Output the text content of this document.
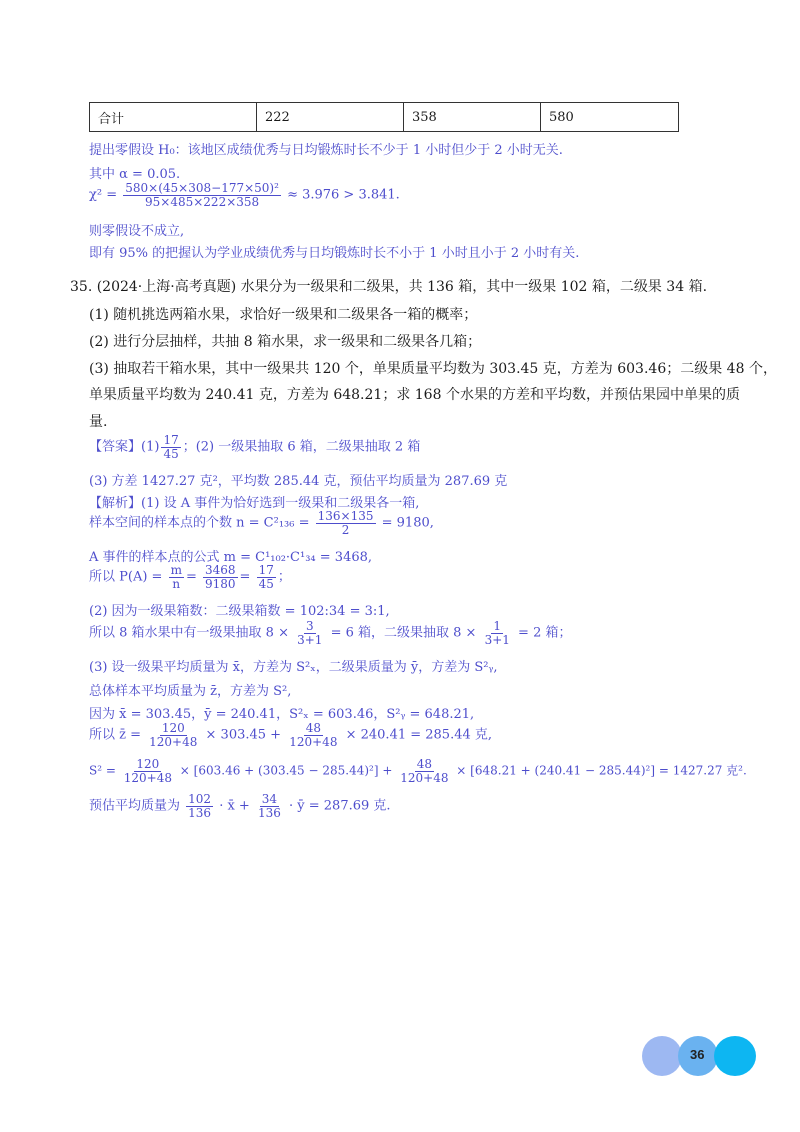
合计	222	358	580
提出零假设 H₀：该地区成绩优秀与日均锻炼时长不少于 1 小时但少于 2 小时无关.
其中 α = 0.05.
$\chi^2 = \frac{\text{580×(45×308−177×50)²}}{95\times 485\times 222\times 358} \approx 3.976 > 3.841$.
则零假设不成立,
即有 95% 的把握认为学业成绩优秀与日均锻炼时长不小于 1 小时且小于 2 小时有关.
35. (2024·上海·高考真题) 水果分为一级果和二级果，共 136 箱，其中一级果 102 箱，二级果 34 箱.
(1) 随机挑选两箱水果，求恰好一级果和二级果各一箱的概率；
(2) 进行分层抽样，共抽 8 箱水果，求一级果和二级果各几箱；
(3) 抽取若干箱水果，其中一级果共 120 个，单果质量平均数为 303.45 克，方差为 603.46；二级果 48 个，
单果质量平均数为 240.41 克，方差为 648.21；求 168 个水果的方差和平均数，并预估果园中单果的质
量.
【答案】$(1) \frac{17}{45}$ ；(2) 一级果抽取 6 箱，二级果抽取 2 箱
(3) 方差 1427.27 克²，平均数 285.44 克，预估平均质量为 287.69 克
【解析】(1) 设 A 事件为恰好选到一级果和二级果各一箱,
样本空间的样本点的个数 $n = C^2_{136} = \frac{136\times 135}{2} = 9180$,
A 事件的样本点的公式 m = C¹₁₀₂·C¹₃₄ = 3468,
所以 $P(A) = \frac{m}{n} = \frac{3468}{9180} = \frac{17}{45}$ ；
(2) 因为一级果箱数：二级果箱数 = 102:34 = 3:1,
所以 8 箱水果中有一级果抽取 $8 \times \frac{3}{3+1} = 6$ 箱，二级果抽取 $8 \times \frac{1}{3+1} = 2$ 箱；
(3) 设一级果平均质量为 x̄，方差为 S²ₓ，二级果质量为 ȳ，方差为 S²ᵧ,
总体样本平均质量为 z̄，方差为 S²,
因为 x̄ = 303.45，ȳ = 240.41，S²ₓ = 603.46，S²ᵧ = 648.21,
所以 z̄ = $\frac{120}{120+48} \times 303.45 + \frac{48}{120+48} \times 240.41 = 285.44$ 克,
$S^2 = \frac{120}{120+48} \times [603.46 + (303.45 - 285.44)^2] + \frac{48}{120+48} \times [648.21 + (240.41 - 285.44)^2] = 1427.27$ 克².
预估平均质量为 $\frac{102}{136}$ · x̄ + $\frac{34}{136}$ · ȳ = 287.69 克.
36
